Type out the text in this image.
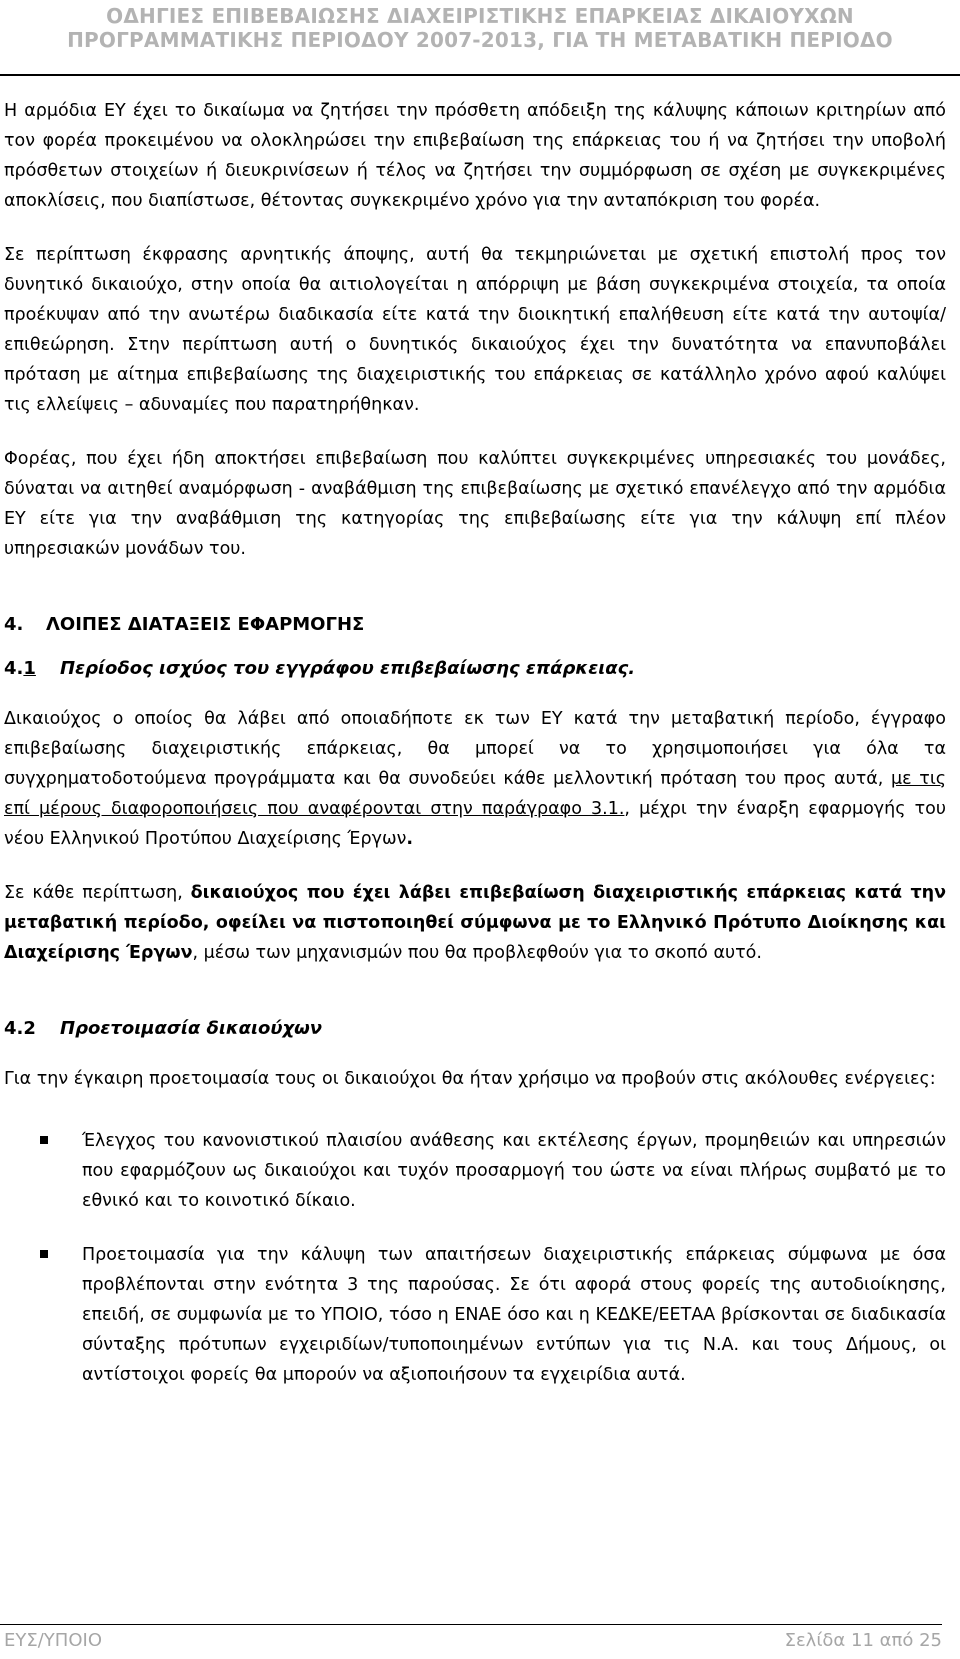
ΟΔΗΓΙΕΣ ΕΠΙΒΕΒΑΙΩΣΗΣ ΔΙΑΧΕΙΡΙΣΤΙΚΗΣ ΕΠΑΡΚΕΙΑΣ ΔΙΚΑΙΟΥΧΩΝ
ΠΡΟΓΡΑΜΜΑΤΙΚΗΣ ΠΕΡΙΟΔΟΥ 2007-2013, ΓΙΑ ΤΗ ΜΕΤΑΒΑΤΙΚΗ ΠΕΡΙΟΔΟ

Η αρμόδια ΕΥ έχει το δικαίωμα να ζητήσει την πρόσθετη απόδειξη της κάλυψης κάποιων κριτηρίων από τον φορέα προκειμένου να ολοκληρώσει την επιβεβαίωση της επάρκειας του ή να ζητήσει την υποβολή πρόσθετων στοιχείων ή διευκρινίσεων ή τέλος να ζητήσει την συμμόρφωση σε σχέση με συγκεκριμένες αποκλίσεις, που διαπίστωσε, θέτοντας συγκεκριμένο χρόνο για την ανταπόκριση του φορέα.

Σε περίπτωση έκφρασης αρνητικής άποψης, αυτή θα τεκμηριώνεται με σχετική επιστολή προς τον δυνητικό δικαιούχο, στην οποία θα αιτιολογείται η απόρριψη με βάση συγκεκριμένα στοιχεία, τα οποία προέκυψαν από την ανωτέρω διαδικασία είτε κατά την διοικητική επαλήθευση είτε κατά την αυτοψία/ επιθεώρηση. Στην περίπτωση αυτή ο δυνητικός δικαιούχος έχει την δυνατότητα να επανυποβάλει πρόταση με αίτημα επιβεβαίωσης της διαχειριστικής του επάρκειας σε κατάλληλο χρόνο αφού καλύψει τις ελλείψεις – αδυναμίες που παρατηρήθηκαν.

Φορέας, που έχει ήδη αποκτήσει επιβεβαίωση που καλύπτει συγκεκριμένες υπηρεσιακές του μονάδες, δύναται να αιτηθεί αναμόρφωση - αναβάθμιση της επιβεβαίωσης με σχετικό επανέλεγχο από την αρμόδια ΕΥ είτε για την αναβάθμιση της κατηγορίας της επιβεβαίωσης είτε για την κάλυψη επί πλέον υπηρεσιακών μονάδων του.

4. ΛΟΙΠΕΣ ΔΙΑΤΑΞΕΙΣ ΕΦΑΡΜΟΓΗΣ
4.1 Περίοδος ισχύος του εγγράφου επιβεβαίωσης επάρκειας.

Δικαιούχος ο οποίος θα λάβει από οποιαδήποτε εκ των ΕΥ κατά την μεταβατική περίοδο, έγγραφο επιβεβαίωσης διαχειριστικής επάρκειας, θα μπορεί να το χρησιμοποιήσει για όλα τα συγχρηματοδοτούμενα προγράμματα και θα συνοδεύει κάθε μελλοντική πρόταση του προς αυτά, με τις επί μέρους διαφοροποιήσεις που αναφέρονται στην παράγραφο 3.1., μέχρι την έναρξη εφαρμογής του νέου Ελληνικού Προτύπου Διαχείρισης Έργων.

Σε κάθε περίπτωση, δικαιούχος που έχει λάβει επιβεβαίωση διαχειριστικής επάρκειας κατά την μεταβατική περίοδο, οφείλει να πιστοποιηθεί σύμφωνα με το Ελληνικό Πρότυπο Διοίκησης και Διαχείρισης Έργων, μέσω των μηχανισμών που θα προβλεφθούν για το σκοπό αυτό.

4.2 Προετοιμασία δικαιούχων

Για την έγκαιρη προετοιμασία τους οι δικαιούχοι θα ήταν χρήσιμο να προβούν στις ακόλουθες ενέργειες:

Έλεγχος του κανονιστικού πλαισίου ανάθεσης και εκτέλεσης έργων, προμηθειών και υπηρεσιών που εφαρμόζουν ως δικαιούχοι και τυχόν προσαρμογή του ώστε να είναι πλήρως συμβατό με το εθνικό και το κοινοτικό δίκαιο.
Προετοιμασία για την κάλυψη των απαιτήσεων διαχειριστικής επάρκειας σύμφωνα με όσα προβλέπονται στην ενότητα 3 της παρούσας. Σε ότι αφορά στους φορείς της αυτοδιοίκησης, επειδή, σε συμφωνία με το ΥΠΟΙΟ, τόσο η ΕΝΑΕ όσο και η ΚΕΔΚΕ/ΕΕΤΑΑ βρίσκονται σε διαδικασία σύνταξης πρότυπων εγχειριδίων/τυποποιημένων εντύπων για τις Ν.Α. και τους Δήμους, οι αντίστοιχοι φορείς θα μπορούν να αξιοποιήσουν τα εγχειρίδια αυτά.
ΕΥΣ/ΥΠΟΙΟ	Σελίδα 11 από 25
